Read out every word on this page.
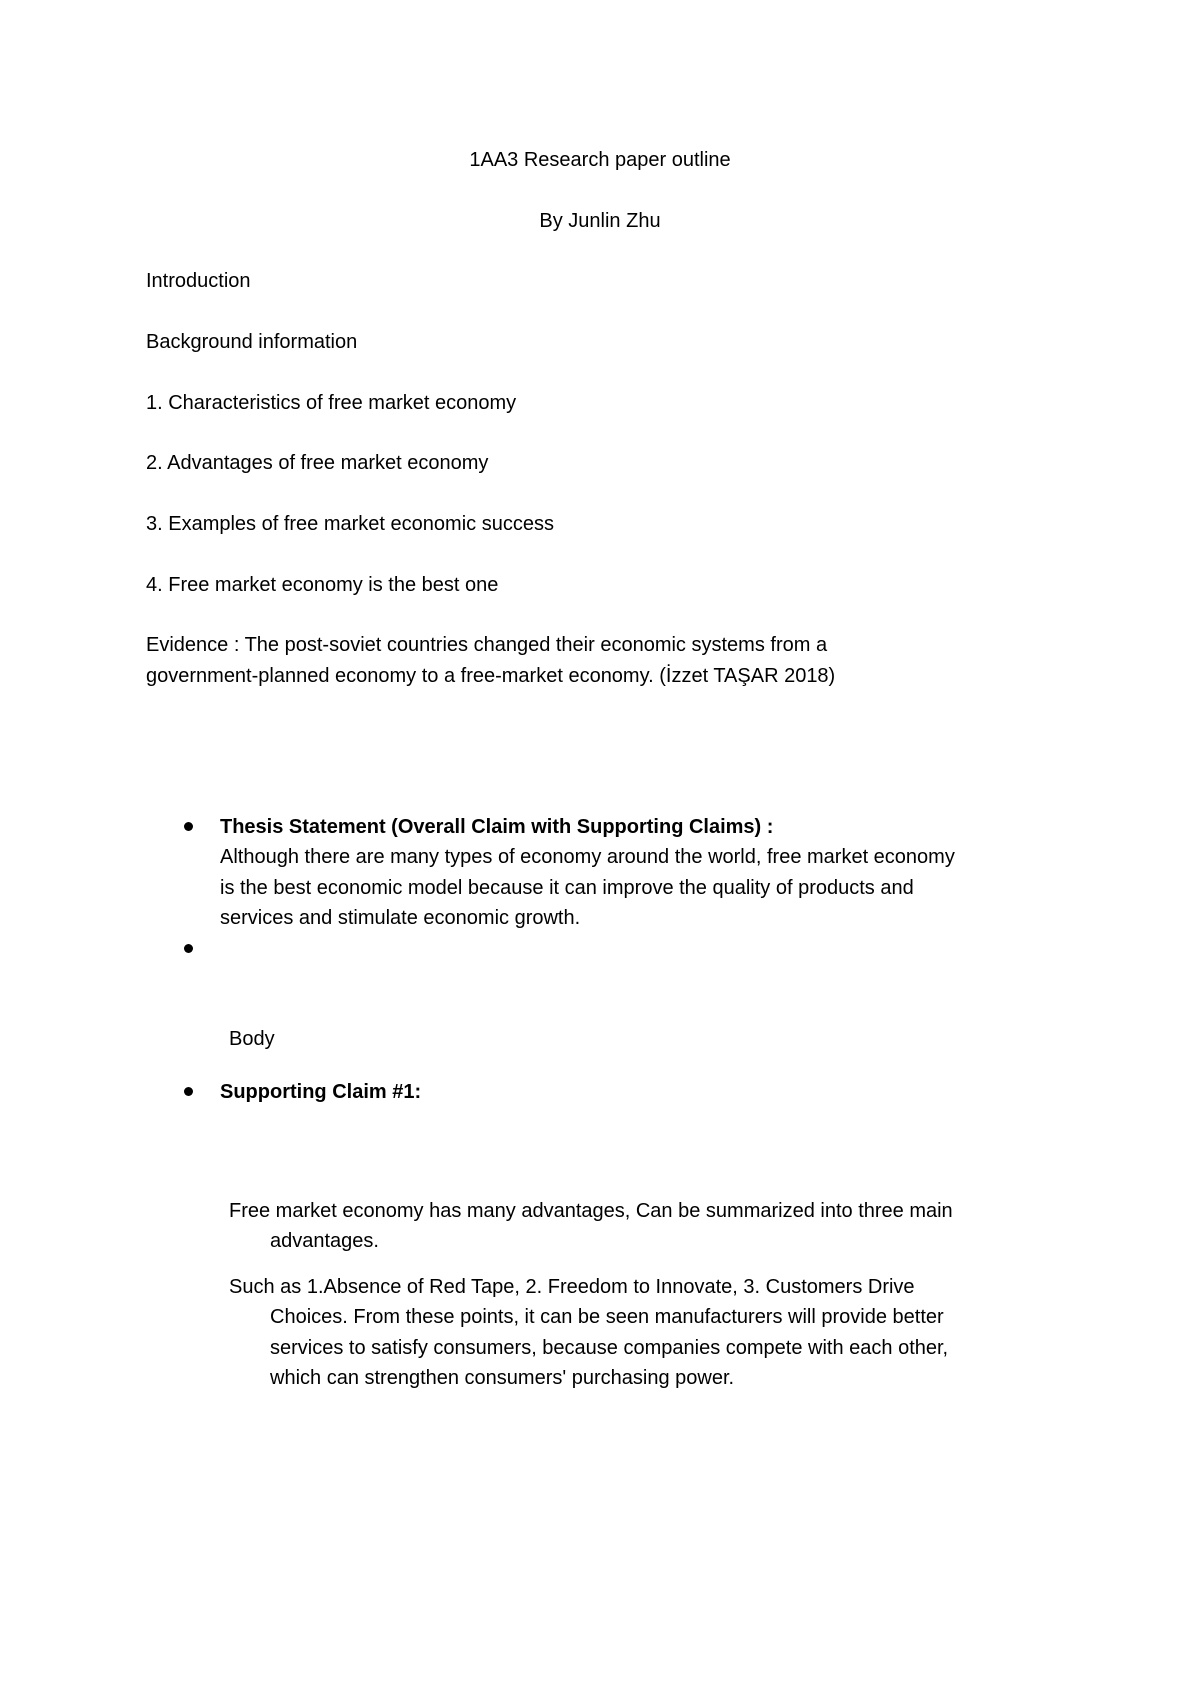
1AA3 Research paper outline

By Junlin Zhu

Introduction

Background information

1. Characteristics of free market economy

2. Advantages of free market economy

3. Examples of free market economic success

4. Free market economy is the best one

Evidence : The post-soviet countries changed their economic systems from a

government-planned economy to a free-market economy. (İzzet TAŞAR 2018)

Thesis Statement (Overall Claim with Supporting Claims) :

Although there are many types of economy around the world, free market economy

is the best economic model because it can improve the quality of products and

services and stimulate economic growth.

Body

Supporting Claim #1:

Free market economy has many advantages, Can be summarized into three main

advantages.

Such as 1.Absence of Red Tape, 2. Freedom to Innovate, 3. Customers Drive

Choices. From these points, it can be seen manufacturers will provide better

services to satisfy consumers, because companies compete with each other,

which can strengthen consumers' purchasing power.
